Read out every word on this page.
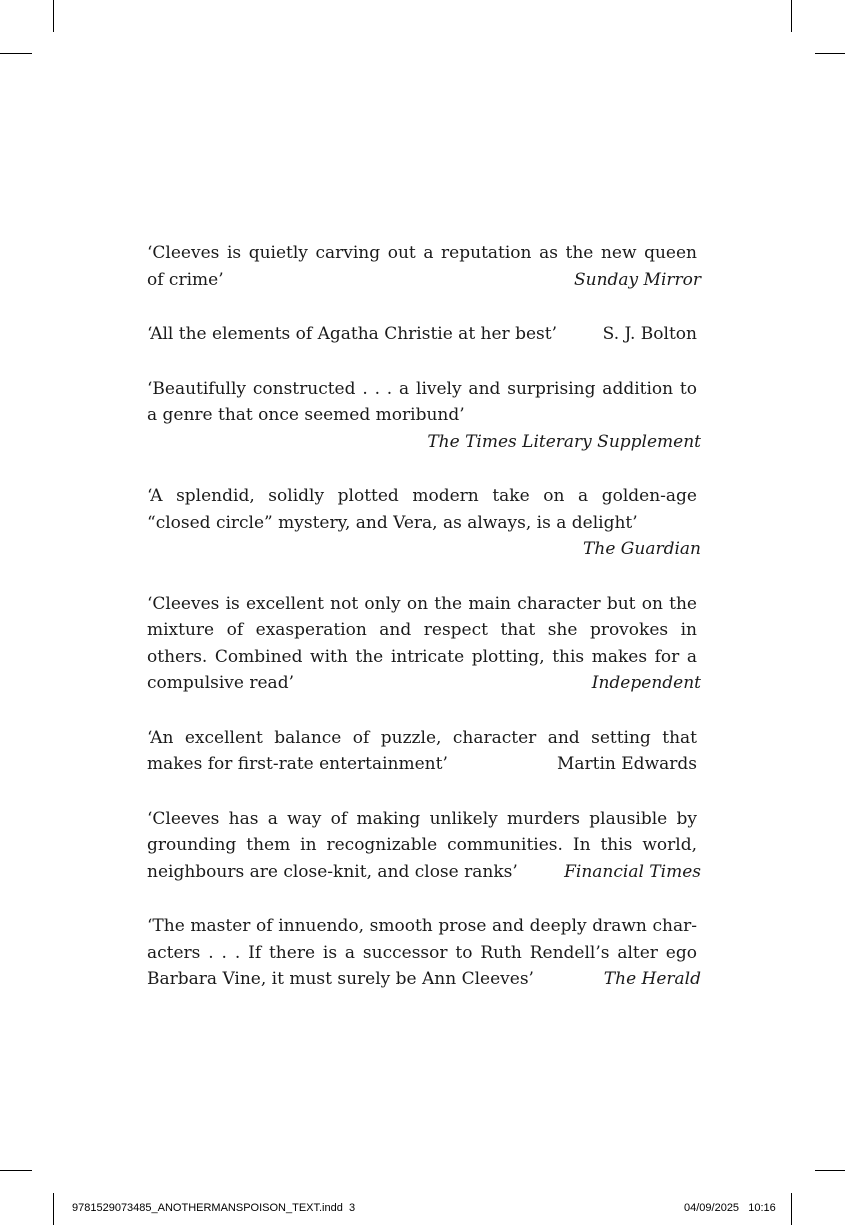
‘Cleeves is quietly carving out a reputation as the new queen of crime’	Sunday Mirror
‘All the elements of Agatha Christie at her best’	S. J. Bolton
‘Beautifully constructed . . . a lively and surprising addition to a genre that once seemed moribund’
The Times Literary Supplement
‘A splendid, solidly plotted modern take on a golden-age “closed circle” mystery, and Vera, as always, is a delight’
The Guardian
‘Cleeves is excellent not only on the main character but on the mixture of exasperation and respect that she provokes in others. Combined with the intricate plotting, this makes for a compulsive read’	Independent
‘An excellent balance of puzzle, character and setting that makes for first-rate entertainment’	Martin Edwards
‘Cleeves has a way of making unlikely murders plausible by grounding them in recognizable communities. In this world, neighbours are close-knit, and close ranks’	Financial Times
‘The master of innuendo, smooth prose and deeply drawn char-acters . . . If there is a successor to Ruth Rendell’s alter ego Barbara Vine, it must surely be Ann Cleeves’	The Herald
9781529073485_ANOTHERMANSPOISON_TEXT.indd 3	04/09/2025 10:16
